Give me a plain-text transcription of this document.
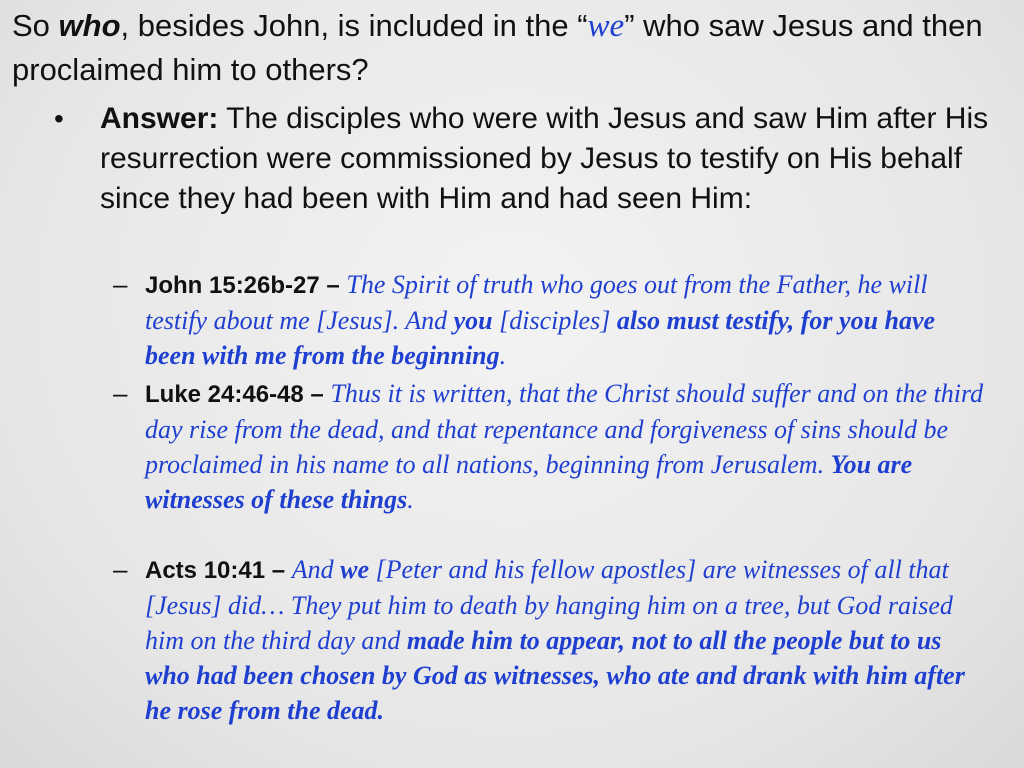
So who, besides John, is included in the “we” who saw Jesus and then proclaimed him to others?
• Answer: The disciples who were with Jesus and saw Him after His resurrection were commissioned by Jesus to testify on His behalf since they had been with Him and had seen Him:
– John 15:26b-27 – The Spirit of truth who goes out from the Father, he will testify about me [Jesus]. And you [disciples] also must testify, for you have been with me from the beginning.
– Luke 24:46-48 – Thus it is written, that the Christ should suffer and on the third day rise from the dead, and that repentance and forgiveness of sins should be proclaimed in his name to all nations, beginning from Jerusalem. You are witnesses of these things.
– Acts 10:41 – And we [Peter and his fellow apostles] are witnesses of all that [Jesus] did… They put him to death by hanging him on a tree, but God raised him on the third day and made him to appear, not to all the people but to us who had been chosen by God as witnesses, who ate and drank with him after he rose from the dead.
